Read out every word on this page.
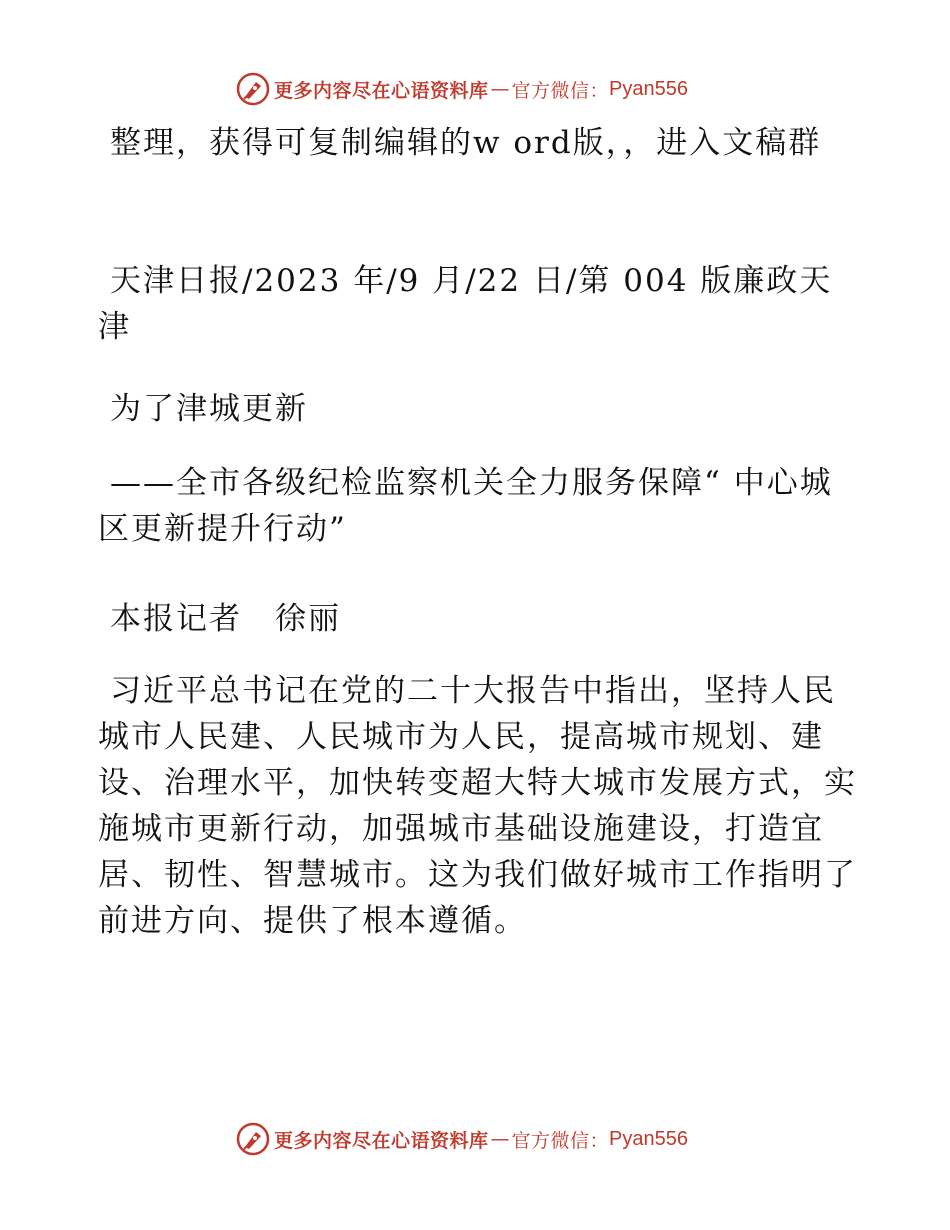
更多内容尽在心语资料库 — 官方微信： Pyan556

整理，获得可复制编辑的w ord版，，进入文稿群

天津日报/2023 年/9 月/22 日/第 004 版廉政天津

为了津城更新

——全市各级纪检监察机关全力服务保障“ 中心城区更新提升行动”

本报记者　徐丽

习近平总书记在党的二十大报告中指出，坚持人民城市人民建、人民城市为人民，提高城市规划、建设、治理水平，加快转变超大特大城市发展方式，实施城市更新行动，加强城市基础设施建设，打造宜居、韧性、智慧城市。这为我们做好城市工作指明了前进方向、提供了根本遵循。

更多内容尽在心语资料库 — 官方微信： Pyan556
